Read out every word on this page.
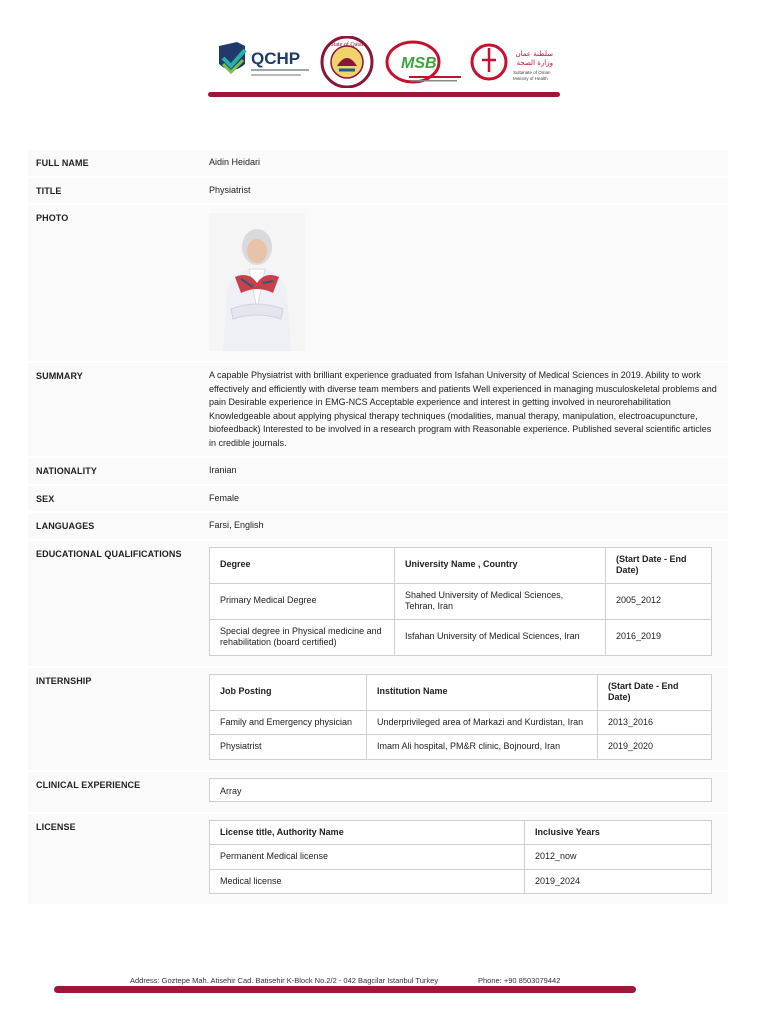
QCHP
State of Qatar
MSB
سلطنة عمان
وزارة الصحة
Sultanate of Oman
Ministry of Health
FULL NAME	Aidin Heidari
TITLE	Physiatrist
PHOTO
SUMMARY	A capable Physiatrist with brilliant experience graduated from Isfahan University of Medical Sciences in 2019. Ability to work effectively and efficiently with diverse team members and patients Well experienced in managing musculoskeletal problems and pain Desirable experience in EMG-NCS Acceptable experience and interest in getting involved in neurorehabilitation Knowledgeable about applying physical therapy techniques (modalities, manual therapy, manipulation, electroacupuncture, biofeedback) Interested to be involved in a research program with Reasonable experience. Published several scientific articles in credible journals.
NATIONALITY	Iranian
SEX	Female
LANGUAGES	Farsi, English
EDUCATIONAL QUALIFICATIONS
Degree	University Name , Country	(Start Date - End Date)
Primary Medical Degree	Shahed University of Medical Sciences, Tehran, Iran	2005_2012
Special degree in Physical medicine and rehabilitation (board certified)	Isfahan University of Medical Sciences, Iran	2016_2019
INTERNSHIP
Job Posting	Institution Name	(Start Date - End Date)
Family and Emergency physician	Underprivileged area of Markazi and Kurdistan, Iran	2013_2016
Physiatrist	Imam Ali hospital, PM&R clinic, Bojnourd, Iran	2019_2020
CLINICAL EXPERIENCE
Array
LICENSE	License title, Authority Name	Inclusive Years
Permanent Medical license	2012_now
Medical license	2019_2024
Address: Goztepe Mah. Atisehir Cad. Batisehir K-Block No.2/2 - 042 Bagcilar Istanbul Turkey	Phone: +90 8503079442
